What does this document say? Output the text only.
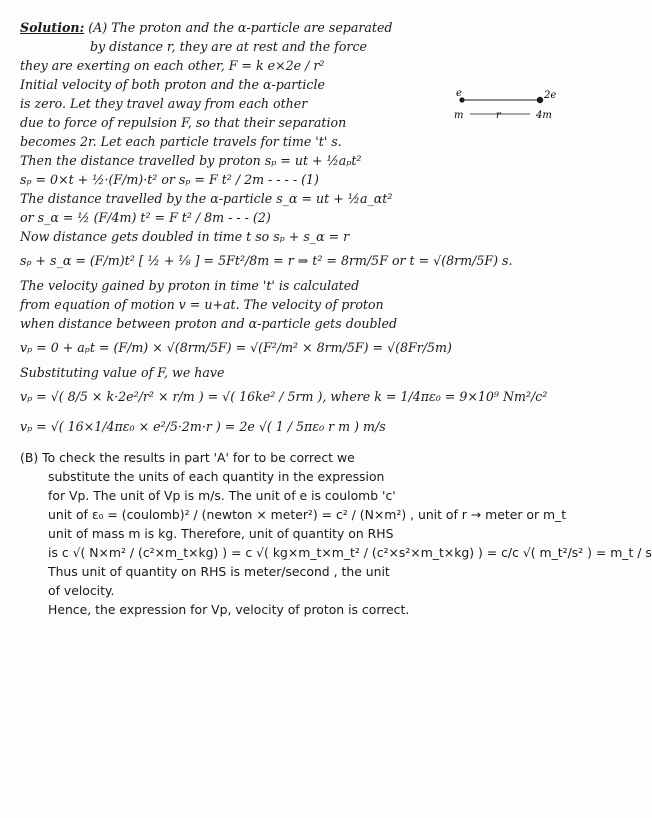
Solution: (A) The proton and the α-particle are separated
by distance r, they are at rest and the force
they are exerting on each other, F = k e×2e / r²
Initial velocity of both proton and the α-particle
is zero. Let they travel away from each other
due to force of repulsion F, so that their separation
becomes 2r. Let each particle travels for time 't' s.
Then the distance travelled by proton sₚ = ut + ½aₚt²
sₚ = 0×t + ½·(F/m)·t² or sₚ = F t² / 2m - - - - (1)
The distance travelled by the α-particle s_α = ut + ½a_αt²
or s_α = ½ (F/4m) t² = F t² / 8m - - - (2)
Now distance gets doubled in time t so sₚ + s_α = r
sₚ + s_α = (F/m)t² [ ½ + ⅛ ] = 5Ft²/8m = r ⇒ t² = 8rm/5F or t = √(8rm/5F) s.
The velocity gained by proton in time 't' is calculated
from equation of motion v = u+at. The velocity of proton
when distance between proton and α-particle gets doubled
vₚ = 0 + aₚt = (F/m) × √(8rm/5F) = √(F²/m² × 8rm/5F) = √(8Fr/5m)
Substituting value of F, we have
vₚ = √( 8/5 × k·2e²/r² × r/m ) = √( 16ke² / 5rm ), where k = 1/4πε₀ = 9×10⁹ Nm²/c²
vₚ = √( 16×1/4πε₀ × e²/5·2m·r ) = 2e √( 1 / 5πε₀ r m ) m/s
(B) To check the results in part 'A' for to be correct we
substitute the units of each quantity in the expression
for Vp. The unit of Vp is m/s. The unit of e is coulomb 'c'
unit of ε₀ = (coulomb)² / (newton × meter²) = c² / (N×m²) , unit of r → meter or m_t
unit of mass m is kg. Therefore, unit of quantity on RHS
is c √( N×m² / (c²×m_t×kg) ) = c √( kg×m_t×m_t² / (c²×s²×m_t×kg) ) = c/c √( m_t²/s² ) = m_t / s
Thus unit of quantity on RHS is meter/second , the unit
of velocity.
Hence, the expression for Vp, velocity of proton is correct.
e	2e
m	r	4m
